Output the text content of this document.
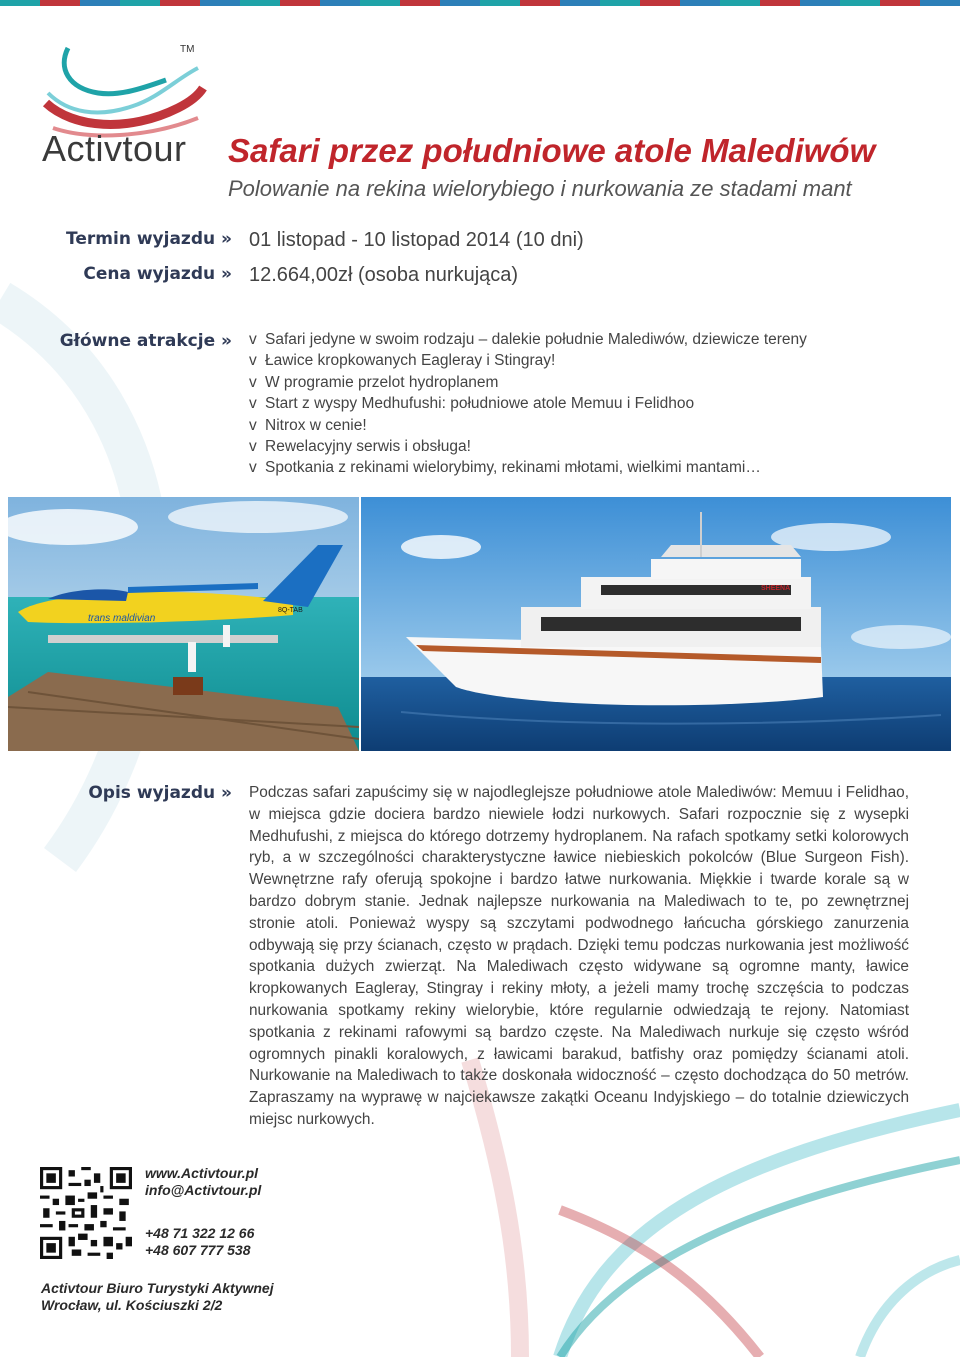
TM
Activtour Safari przez południowe atole Malediwów
Polowanie na rekina wielorybiego i nurkowania ze stadami mant
Termin wyjazdu » 01 listopad - 10 listopad 2014 (10 dni)
Cena wyjazdu » 12.664,00zł (osoba nurkująca)
Główne atrakcje » v Safari jedyne w swoim rodzaju – dalekie południe Malediwów, dziewicze tereny
v Ławice kropkowanych Eagleray i Stingray!
v W programie przelot hydroplanem
v Start z wyspy Medhufushi: południowe atole Memuu i Felidhoo
v Nitrox w cenie!
v Rewelacyjny serwis i obsługa!
v Spotkania z rekinami wielorybimy, rekinami młotami, wielkimi mantami…
trans maldivian
8Q-TAB
SHEENA
Opis wyjazdu » Podczas safari zapuścimy się w najodleglejsze południowe atole Malediwów: Memuu i Felidhao, w miejsca gdzie dociera bardzo niewiele łodzi nurkowych. Safari rozpocznie się z wysepki Medhufushi, z miejsca do którego dotrzemy hydroplanem. Na rafach spotkamy setki kolorowych ryb, a w szczególności charakterystyczne ławice niebieskich pokolców (Blue Surgeon Fish). Wewnętrzne rafy oferują spokojne i bardzo łatwe nurkowania. Miękkie i twarde korale są w bardzo dobrym stanie. Jednak najlepsze nurkowania na Malediwach to te, po zewnętrznej stronie atoli. Ponieważ wyspy są szczytami podwodnego łańcucha górskiego zanurzenia odbywają się przy ścianach, często w prądach. Dzięki temu podczas nurkowania jest możliwość spotkania dużych zwierząt. Na Malediwach często widywane są ogromne manty, ławice kropkowanych Eagleray, Stingray i rekiny młoty, a jeżeli mamy trochę szczęścia to podczas nurkowania spotkamy rekiny wielorybie, które regularnie odwiedzają te rejony. Natomiast spotkania z rekinami rafowymi są bardzo częste. Na Malediwach nurkuje się często wśród ogromnych pinakli koralowych, z ławicami barakud, batfishy oraz pomiędzy ścianami atoli. Nurkowanie na Malediwach to także doskonała widoczność – często dochodząca do 50 metrów. Zapraszamy na wyprawę w najciekawsze zakątki Oceanu Indyjskiego – do totalnie dziewiczych miejsc nurkowych.
www.Activtour.pl
info@Activtour.pl
+48 71 322 12 66
+48 607 777 538
Activtour Biuro Turystyki Aktywnej
Wrocław, ul. Kościuszki 2/2
